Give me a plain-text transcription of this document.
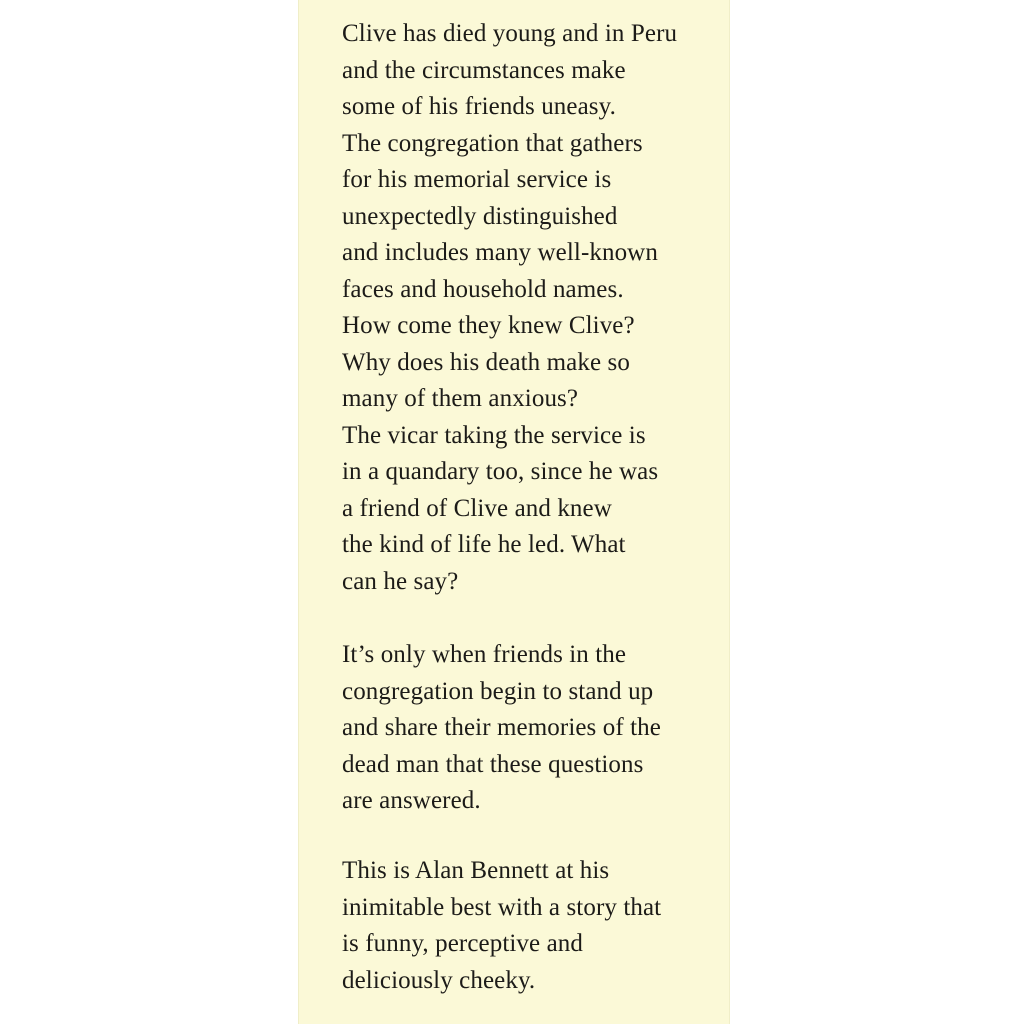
Clive has died young and in Peru
and the circumstances make
some of his friends uneasy.
The congregation that gathers
for his memorial service is
unexpectedly distinguished
and includes many well-known
faces and household names.
How come they knew Clive?
Why does his death make so
many of them anxious?
The vicar taking the service is
in a quandary too, since he was
a friend of Clive and knew
the kind of life he led. What
can he say?
It’s only when friends in the
congregation begin to stand up
and share their memories of the
dead man that these questions
are answered.
This is Alan Bennett at his
inimitable best with a story that
is funny, perceptive and
deliciously cheeky.
